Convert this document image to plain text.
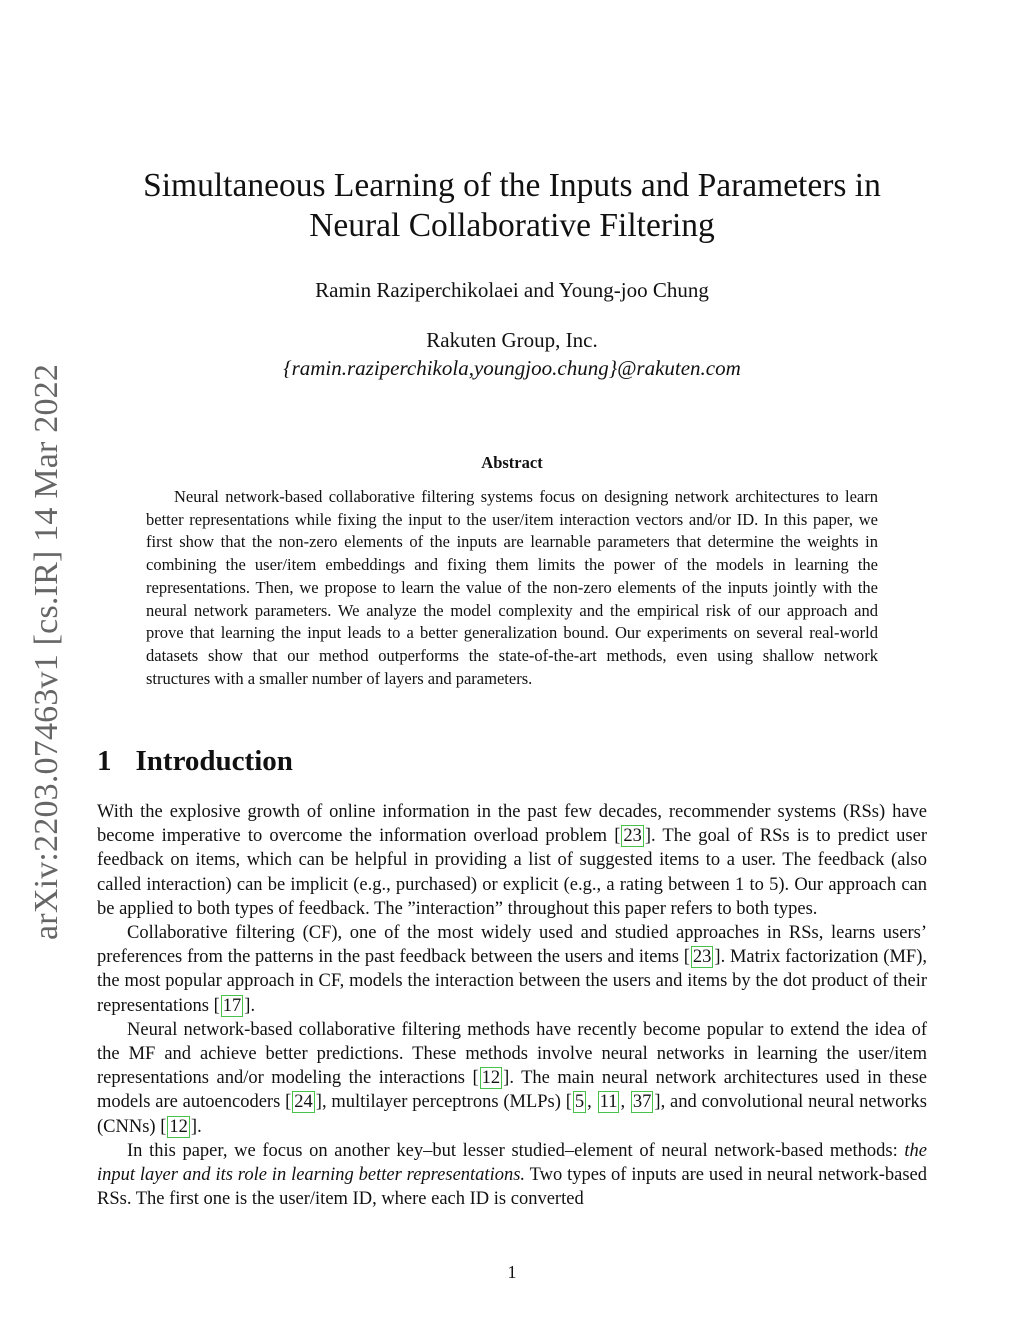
arXiv:2203.07463v1 [cs.IR] 14 Mar 2022
Simultaneous Learning of the Inputs and Parameters in
Neural Collaborative Filtering
Ramin Raziperchikolaei and Young-joo Chung
Rakuten Group, Inc.
{ramin.raziperchikola,youngjoo.chung}@rakuten.com
Abstract

Neural network-based collaborative filtering systems focus on designing network architectures to learn better representations while fixing the input to the user/item interaction vectors and/or ID. In this paper, we first show that the non-zero elements of the inputs are learnable parameters that determine the weights in combining the user/item embeddings and fixing them limits the power of the models in learning the representations. Then, we propose to learn the value of the non-zero elements of the inputs jointly with the neural network parameters. We analyze the model complexity and the empirical risk of our approach and prove that learning the input leads to a better generalization bound. Our experiments on several real-world datasets show that our method outperforms the state-of-the-art methods, even using shallow network structures with a smaller number of layers and parameters.

1 Introduction

With the explosive growth of online information in the past few decades, recommender systems (RSs) have become imperative to overcome the information overload problem [ 23 ]. The goal of RSs is to predict user feedback on items, which can be helpful in providing a list of suggested items to a user. The feedback (also called interaction) can be implicit (e.g., purchased) or explicit (e.g., a rating between 1 to 5). Our approach can be applied to both types of feedback. The ”interaction” throughout this paper refers to both types.

Collaborative filtering (CF), one of the most widely used and studied approaches in RSs, learns users’ preferences from the patterns in the past feedback between the users and items [ 23 ]. Matrix factorization (MF), the most popular approach in CF, models the interaction between the users and items by the dot product of their representations [ 17 ].

Neural network-based collaborative filtering methods have recently become popular to extend the idea of the MF and achieve better predictions. These methods involve neural networks in learning the user/item representations and/or modeling the interactions [ 12 ]. The main neural network architectures used in these models are autoencoders [ 24 ], multilayer perceptrons (MLPs) [ 5 , 11 , 37 ], and convolutional neural networks (CNNs) [ 12 ].

In this paper, we focus on another key–but lesser studied–element of neural network-based methods: the input layer and its role in learning better representations. Two types of inputs are used in neural network-based RSs. The first one is the user/item ID, where each ID is converted

1
